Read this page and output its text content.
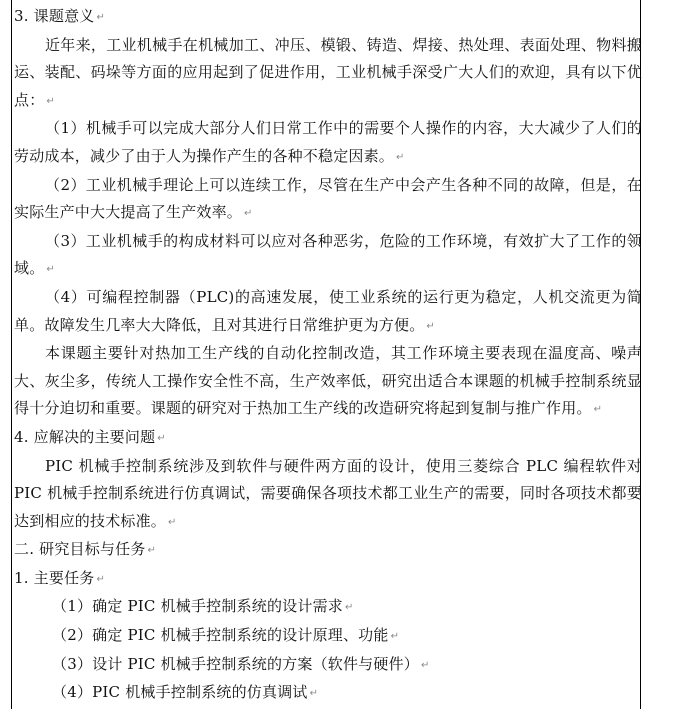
3. 课题意义 ↵

近年来，工业机械手在机械加工、冲压、模锻、铸造、焊接、热处理、表面处理、物料搬运、装配、码垛等方面的应用起到了促进作用，工业机械手深受广大人们的欢迎，具有以下优点： ↵

（1）机械手可以完成大部分人们日常工作中的需要个人操作的内容，大大减少了人们的劳动成本，减少了由于人为操作产生的各种不稳定因素。 ↵

（2）工业机械手理论上可以连续工作，尽管在生产中会产生各种不同的故障，但是，在实际生产中大大提高了生产效率。 ↵

（3）工业机械手的构成材料可以应对各种恶劣，危险的工作环境，有效扩大了工作的领域。 ↵

（4）可编程控制器（PLC)的高速发展，使工业系统的运行更为稳定，人机交流更为简单。故障发生几率大大降低，且对其进行日常维护更为方便。 ↵

本课题主要针对热加工生产线的自动化控制改造，其工作环境主要表现在温度高、噪声大、灰尘多，传统人工操作安全性不高，生产效率低，研究出适合本课题的机械手控制系统显得十分迫切和重要。课题的研究对于热加工生产线的改造研究将起到复制与推广作用。 ↵

4. 应解决的主要问题 ↵

PIC 机械手控制系统涉及到软件与硬件两方面的设计，使用三菱综合 PLC 编程软件对 PIC 机械手控制系统进行仿真调试，需要确保各项技术都工业生产的需要，同时各项技术都要达到相应的技术标准。 ↵

二. 研究目标与任务 ↵

1. 主要任务 ↵

（1）确定 PIC 机械手控制系统的设计需求 ↵

（2）确定 PIC 机械手控制系统的设计原理、功能 ↵

（3）设计 PIC 机械手控制系统的方案（软件与硬件） ↵

（4）PIC 机械手控制系统的仿真调试 ↵
